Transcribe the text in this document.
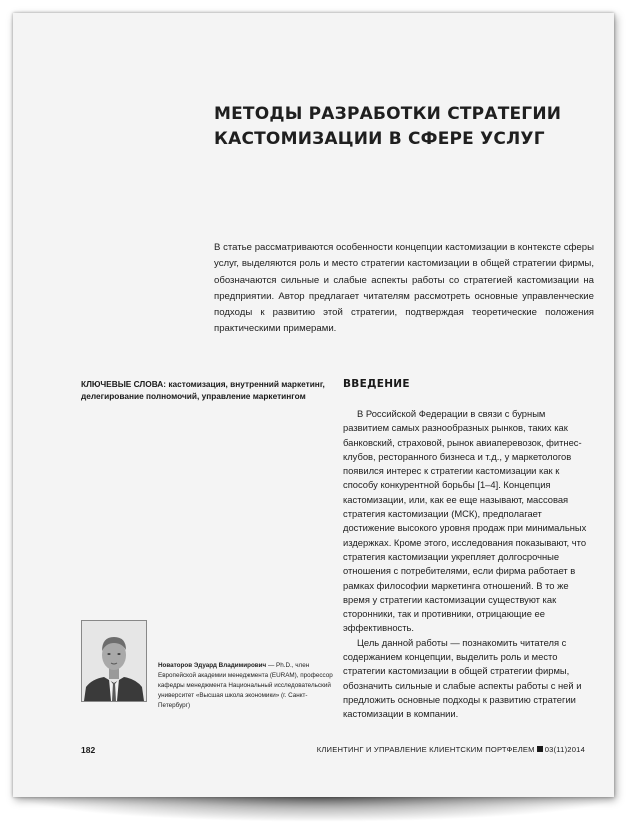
МЕТОДЫ РАЗРАБОТКИ СТРАТЕГИИ
КАСТОМИЗАЦИИ В СФЕРЕ УСЛУГ
В статье рассматриваются особенности концепции кастомизации в контексте сферы услуг, выделяются роль и место стратегии кастомизации в общей стратегии фирмы, обозначаются сильные и слабые аспекты работы со стратегией кастомизации на предприятии. Автор предлагает читателям рассмотреть основные управленческие подходы к развитию этой стратегии, подтверждая теоретические положения практическими примерами.
КЛЮЧЕВЫЕ СЛОВА: кастомизация, внутренний маркетинг, делегирование полномочий, управление маркетингом
ВВЕДЕНИЕ

В Российской Федерации в связи с бурным развитием самых разнообразных рынков, таких как банковский, страховой, рынок авиаперевозок, фитнес-клубов, ресторанного бизнеса и т.д., у маркетологов появился интерес к стратегии кастомизации как к способу конкурентной борьбы [1–4]. Концепция кастомизации, или, как ее еще называют, массовая стратегия кастомизации (МСК), предполагает достижение высокого уровня продаж при минимальных издержках. Кроме этого, исследования показывают, что стратегия кастомизации укрепляет долгосрочные отношения с потребителями, если фирма работает в рамках философии маркетинга отношений. В то же время у стратегии кастомизации существуют как сторонники, так и противники, отрицающие ее эффективность.

Цель данной работы — познакомить читателя с содержанием концепции, выделить роль и место стратегии кастомизации в общей стратегии фирмы, обозначить сильные и слабые аспекты работы с ней и предложить основные подходы к развитию стратегии кастомизации в компании.

Новаторов Эдуард Владимирович — Ph.D., член Европейской академии менеджмента (EURAM), профессор кафедры менеджмента Национальный исследовательский университет «Высшая школа экономики» (г. Санкт-Петербург)
182	КЛИЕНТИНГ И УПРАВЛЕНИЕ КЛИЕНТСКИМ ПОРТФЕЛЕМ 03(11)2014
